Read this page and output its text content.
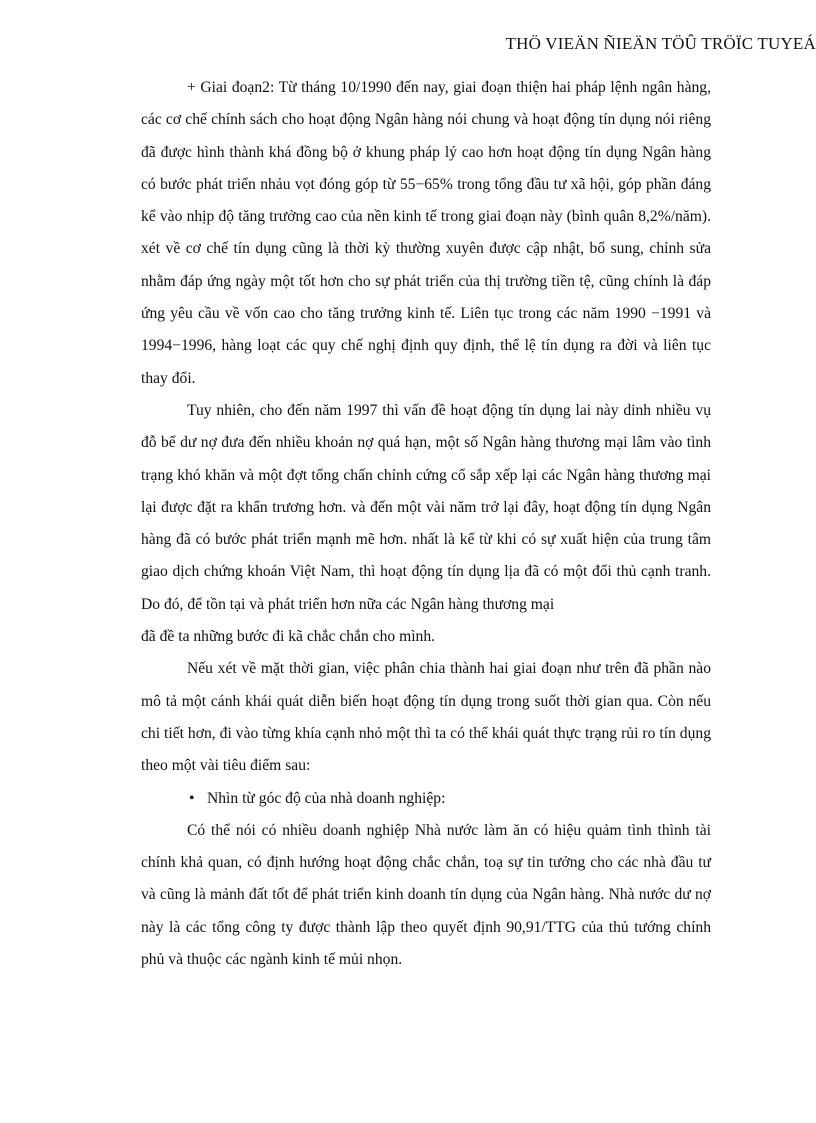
THÖ VIEÄN ÑIEÄN TÖÛ TRÖÏC TUYEÁ

+ Giai đoạn2: Từ tháng 10/1990 đến nay, giai đoạn thiện hai pháp lệnh ngân hàng, các cơ chế chính sách cho hoạt động Ngân hàng nói chung và hoạt động tín dụng nói riêng đã được hình thành khá đồng bộ ở khung pháp lý cao hơn hoạt động tín dụng Ngân hàng có bước phát triển nhảu vọt đóng góp từ 55−65% trong tổng đầu tư xã hội, góp phần đáng kể vào nhịp độ tăng trưởng cao của nền kinh tế trong giai đoạn này (bình quân 8,2%/năm). xét về cơ chế tín dụng cũng là thời kỳ thường xuyên được cập nhật, bổ sung, chỉnh sửa nhằm đáp ứng ngày một tốt hơn cho sự phát triển của thị trường tiền tệ, cũng chính là đáp ứng yêu cầu về vốn cao cho tăng trưởng kinh tế. Liên tục trong các năm 1990 −1991 và 1994−1996, hàng loạt các quy chế nghị định quy định, thể lệ tín dụng ra đời và liên tục thay đổi.

Tuy nhiên, cho đến năm 1997 thì vấn đề hoạt động tín dụng lai này dinh nhiều vụ đỗ bể dư nợ đưa đến nhiều khoản nợ quá hạn, một số Ngân hàng thương mại lâm vào tình trạng khó khăn và một đợt tổng chấn chỉnh cứng cổ sắp xếp lại các Ngân hàng thương mại lại được đặt ra khẩn trương hơn. và đến một vài năm trở lại đây, hoạt động tín dụng Ngân hàng đã có bước phát triển mạnh mẽ hơn. nhất là kể từ khi có sự xuất hiện của trung tâm giao dịch chứng khoán Việt Nam, thì hoạt động tín dụng lịa đã có một đổi thủ cạnh tranh. Do đó, để tồn tại và phát triển hơn nữa các Ngân hàng thương mại

đã đề ta những bước đi kã chắc chắn cho mình.

Nếu xét về mặt thời gian, việc phân chia thành hai giai đoạn như trên đã phần nào mô tả một cánh khái quát diễn biến hoạt động tín dụng trong suốt thời gian qua. Còn nếu chi tiết hơn, đi vào từng khía cạnh nhỏ một thì ta có thể khái quát thực trạng rủi ro tín dụng theo một vài tiêu điểm sau:

• Nhìn từ góc độ của nhà doanh nghiệp:

Có thể nói có nhiều doanh nghiệp Nhà nước làm ăn có hiệu quảm tình thình tài chính khả quan, có định hướng hoạt động chắc chắn, toạ sự tin tưởng cho các nhà đầu tư và cũng là mảnh đất tốt để phát triển kinh doanh tín dụng của Ngân hàng. Nhà nước dư nợ này là các tổng công ty được thành lập theo quyết định 90,91/TTG của thủ tướng chính phủ và thuộc các ngành kinh tế mủi nhọn.
